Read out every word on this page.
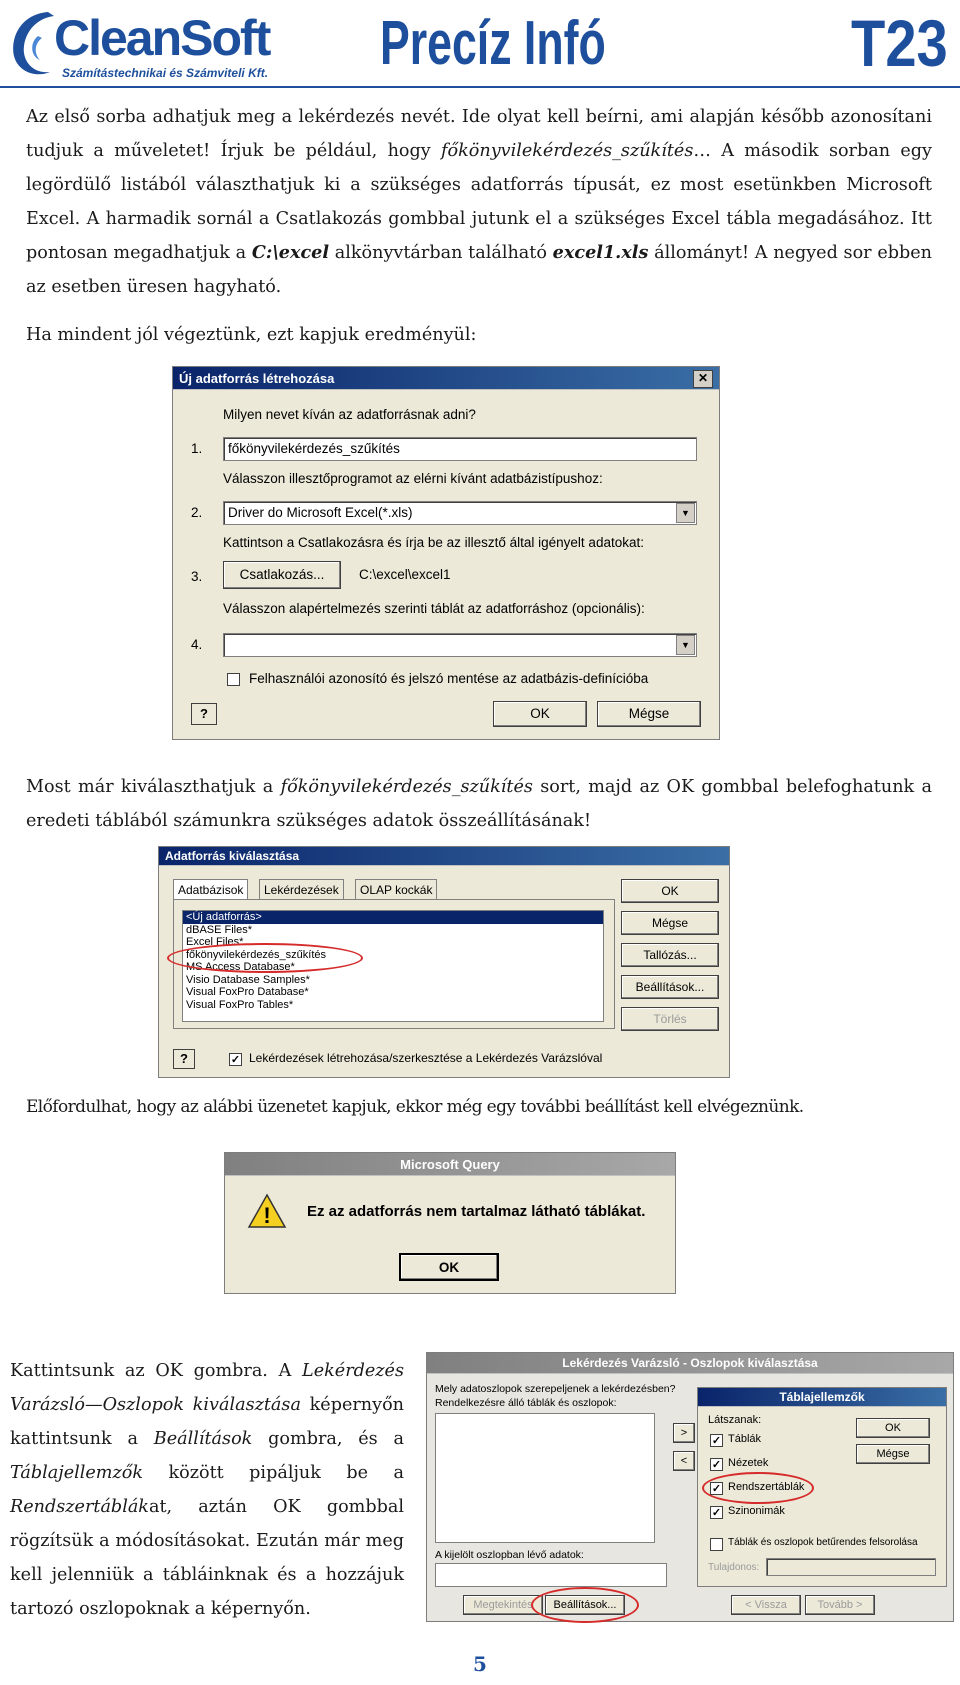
CleanSoft
Számítástechnikai és Számviteli Kft. Precíz Infó	T23
Az első sorba adhatjuk meg a lekérdezés nevét. Ide olyat kell beírni, ami alapján később azonosítani tudjuk a műveletet! Írjuk be például, hogy főkönyvilekérdezés_szűkítés… A második sorban egy legördülő listából választhatjuk ki a szükséges adatforrás típusát, ez most esetünkben Microsoft Excel. A harmadik sornál a Csatlakozás gombbal jutunk el a szükséges Excel tábla megadásához. Itt pontosan megadhatjuk a C:\excel alkönyvtárban található excel1.xls állományt! A negyed sor ebben az esetben üresen hagyható.
Ha mindent jól végeztünk, ezt kapjuk eredményül:
Új adatforrás létrehozása	✕
Milyen nevet kíván az adatforrásnak adni?
1.	főkönyvilekérdezés_szűkítés
Válasszon illesztőprogramot az elérni kívánt adatbázistípushoz:
2.	Driver do Microsoft Excel(*.xls)	▼
Kattintson a Csatlakozásra és írja be az illesztő által igényelt adatokat:
3.	Csatlakozás...	C:\excel\excel1
Válasszon alapértelmezés szerinti táblát az adatforráshoz (opcionális):
4.	▼
Felhasználói azonosító és jelszó mentése az adatbázis-definícióba
?	OK	Mégse
Most már kiválaszthatjuk a főkönyvilekérdezés_szűkítés sort, majd az OK gombbal belefoghatunk a eredeti táblából számunkra szükséges adatok összeállításának!
Adatforrás kiválasztása
Adatbázisok	Lekérdezések	OLAP kockák
<Új adatforrás>
dBASE Files*
Excel Files*
főkönyvilekérdezés_szűkítés
MS Access Database*
Visio Database Samples*
Visual FoxPro Database*
Visual FoxPro Tables*
OK
Mégse
Tallózás...
Beállítások...
Törlés
?	✓ Lekérdezések létrehozása/szerkesztése a Lekérdezés Varázslóval
Előfordulhat, hogy az alábbi üzenetet kapjuk, ekkor még egy további beállítást kell elvégeznünk.
Microsoft Query
! Ez az adatforrás nem tartalmaz látható táblákat.
OK
Kattintsunk az OK gombra. A Lekérdezés Varázsló—Oszlopok kiválasztása képernyőn kattintsunk a Beállítások gombra, és a Táblajellemzők között pipáljuk be a Rendszertáblákat, aztán OK gombbal rögzítsük a módosításokat. Ezután már meg kell jelenniük a tábláinknak és a hozzájuk tartozó oszlopoknak a képernyőn.
Lekérdezés Varázsló - Oszlopok kiválasztása
Mely adatoszlopok szerepeljenek a lekérdezésben?
Rendelkezésre álló táblák és oszlopok:
>
<
A kijelölt oszlopban lévő adatok:
Megtekintés	Beállítások...	< Vissza	Tovább >
Táblajellemzők
Látszanak:
✓ Táblák
✓ Nézetek
✓ Rendszertáblák
✓ Szinonimák
OK
Mégse
Táblák és oszlopok betűrendes felsorolása
Tulajdonos:
5
